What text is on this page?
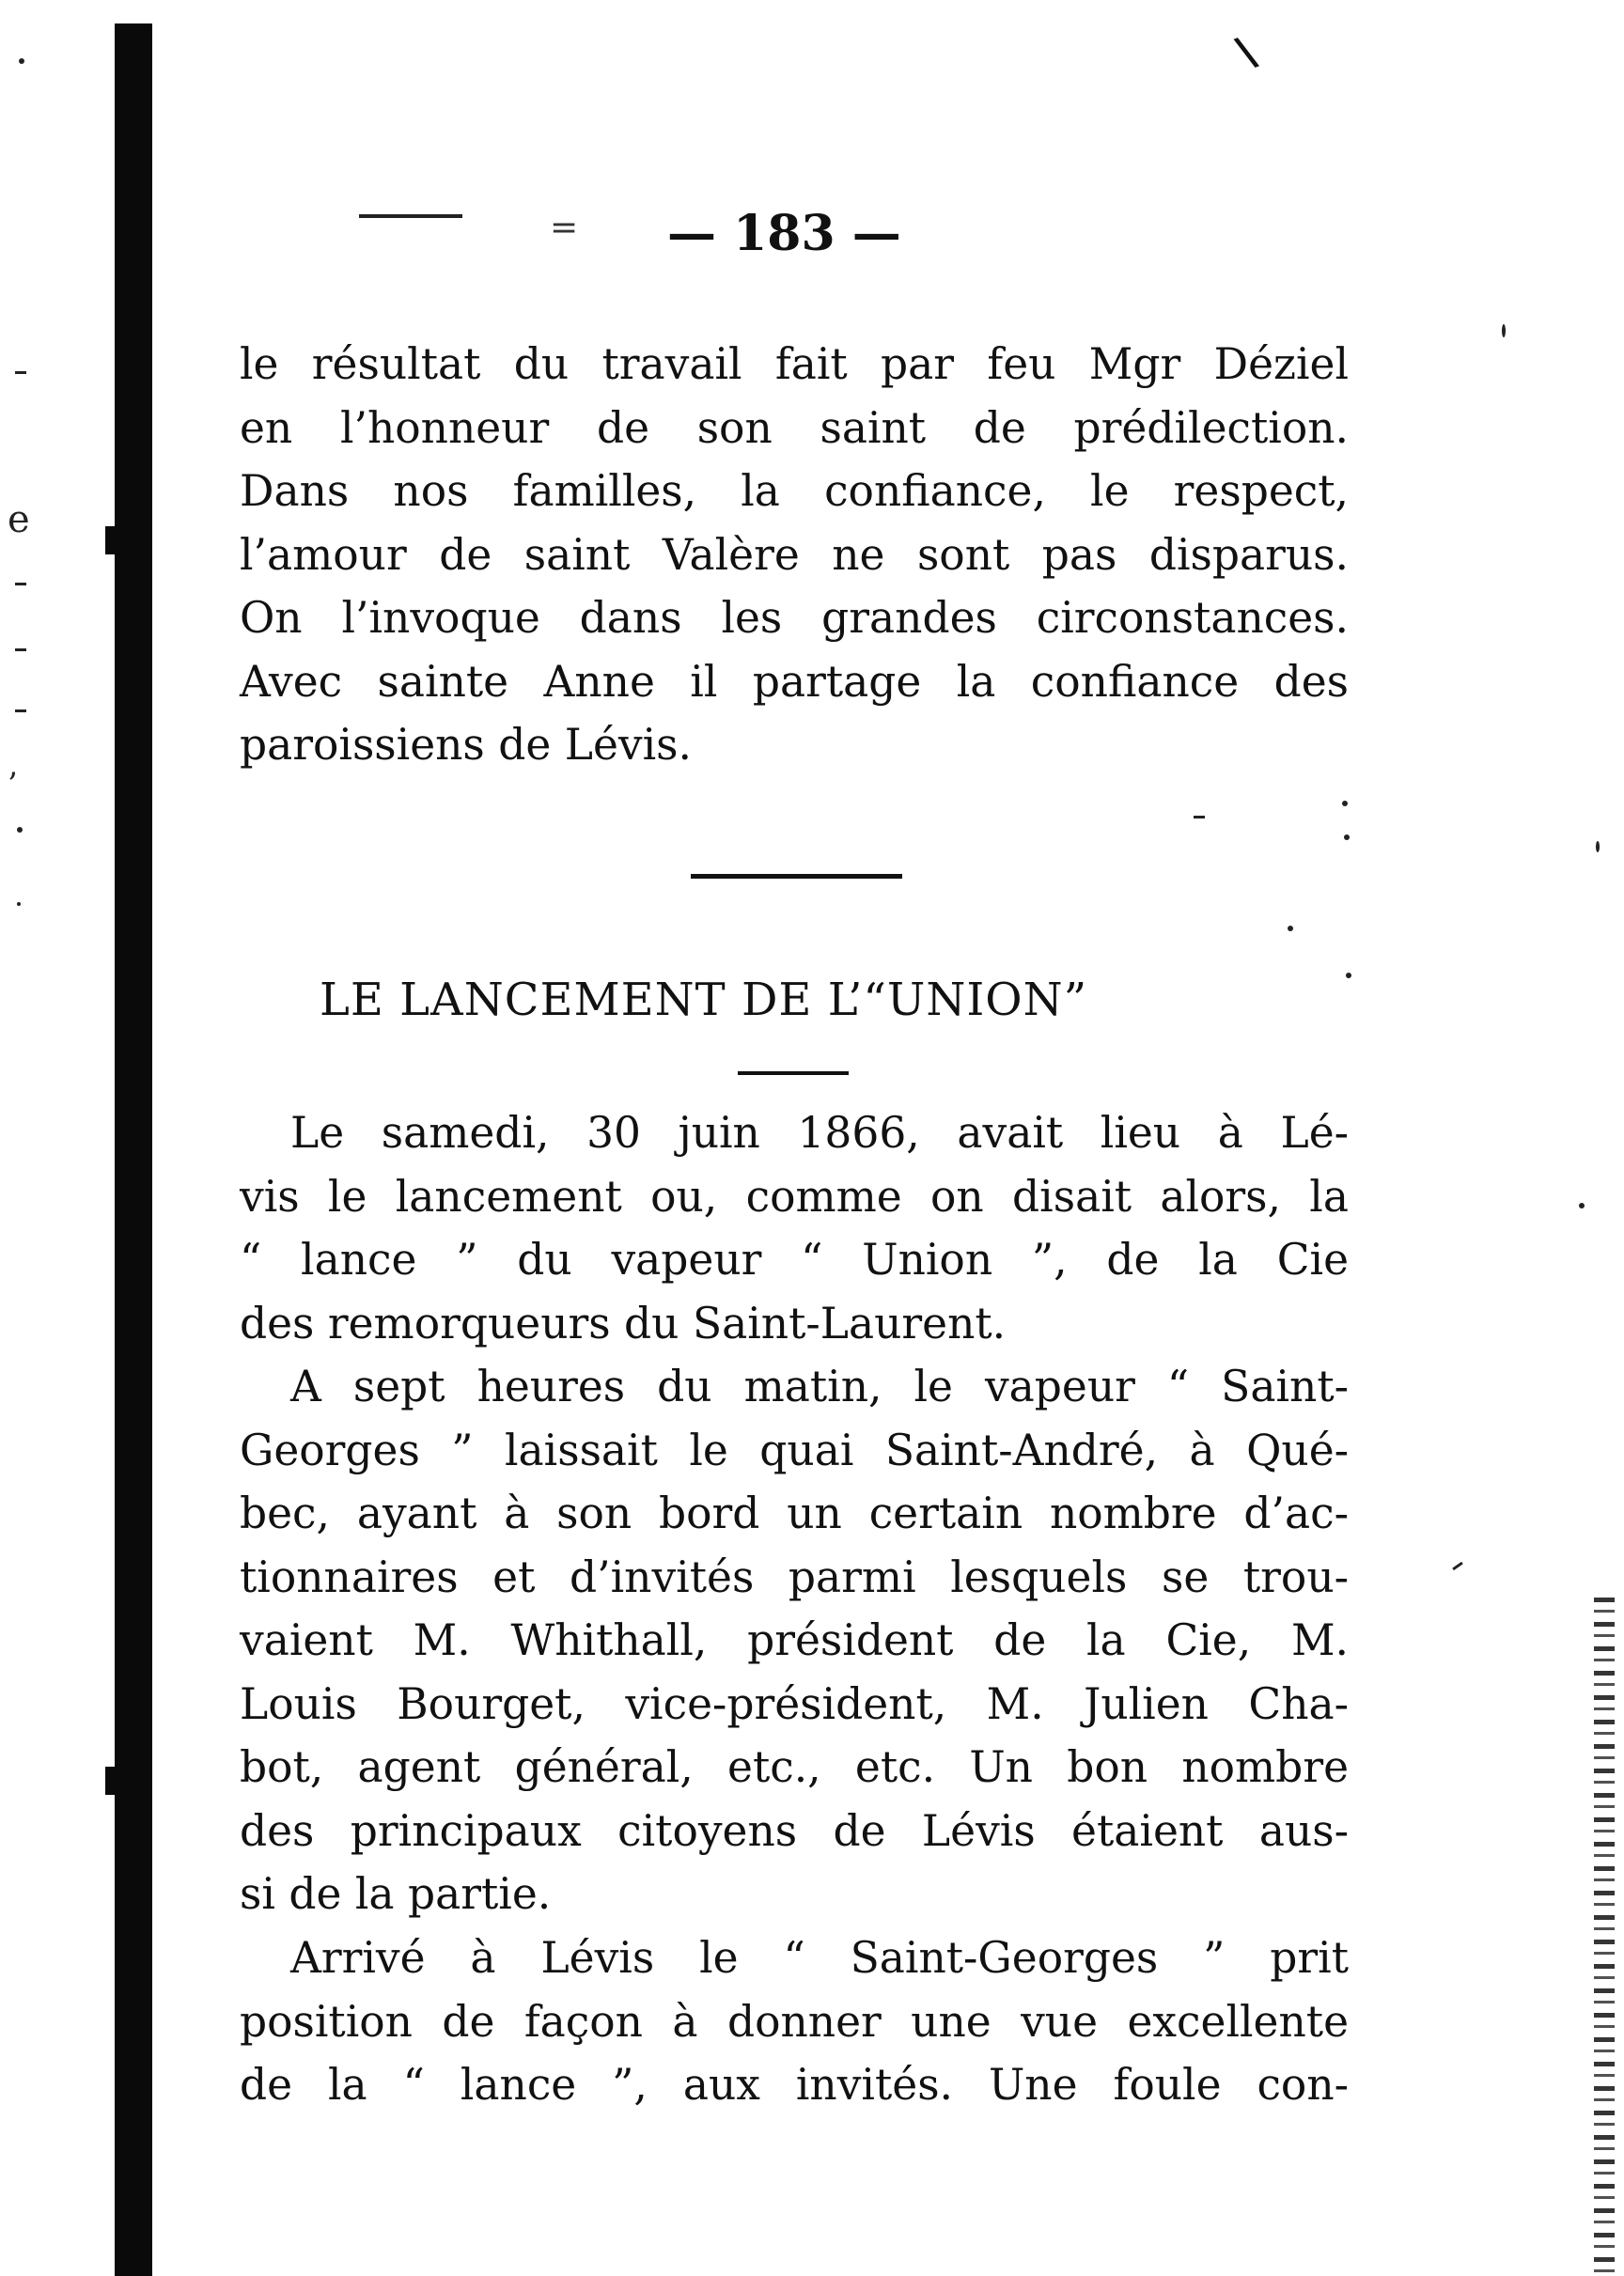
e
’
\
= — 183 —
le résultat du travail fait par feu Mgr Déziel
en l’honneur de son saint de prédilection.
Dans nos familles, la confiance, le respect,
l’amour de saint Valère ne sont pas disparus.
On l’invoque dans les grandes circonstances.
Avec sainte Anne il partage la confiance des
paroissiens de Lévis.
LE LANCEMENT DE L’“UNION”
Le samedi, 30 juin 1866, avait lieu à Lé-
vis le lancement ou, comme on disait alors, la
“ lance ” du vapeur “ Union ”, de la Cie
des remorqueurs du Saint-Laurent.
A sept heures du matin, le vapeur “ Saint-
Georges ” laissait le quai Saint-André, à Qué-
bec, ayant à son bord un certain nombre d’ac-
tionnaires et d’invités parmi lesquels se trou-
vaient M. Whithall, président de la Cie, M.
Louis Bourget, vice-président, M. Julien Cha-
bot, agent général, etc., etc. Un bon nombre
des principaux citoyens de Lévis étaient aus-
si de la partie.
Arrivé à Lévis le “ Saint-Georges ” prit
position de façon à donner une vue excellente
de la “ lance ”, aux invités. Une foule con-
